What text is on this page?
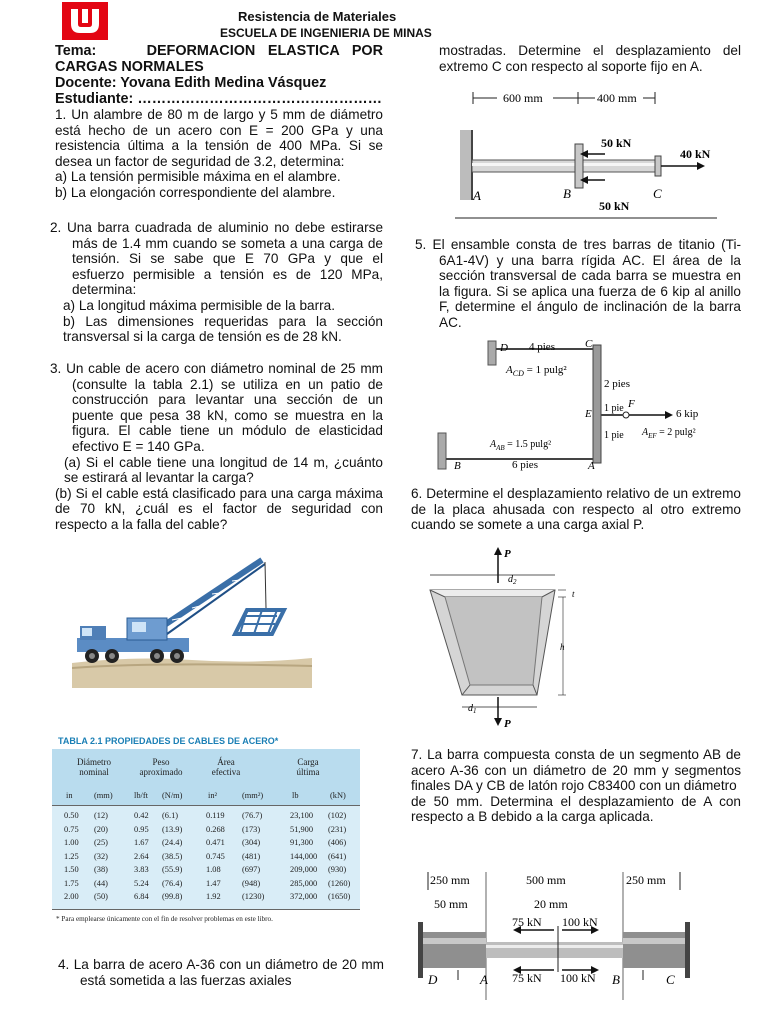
Resistencia de Materiales
ESCUELA DE INGENIERIA DE MINAS

Tema:	DEFORMACION ELASTICA POR CARGAS NORMALES

Docente: Yovana Edith Medina Vásquez

Estudiante: ……………………………………………

1. Un alambre de 80 m de largo y 5 mm de diámetro está hecho de un acero con E = 200 GPa y una resistencia última a la tensión de 400 MPa. Si se desea un factor de seguridad de 3.2, determina:

a) La tensión permisible máxima en el alambre.

b) La elongación correspondiente del alambre.

2. Una barra cuadrada de aluminio no debe estirarse más de 1.4 mm cuando se someta a una carga de tensión. Si se sabe que E 70 GPa y que el esfuerzo permisible a tensión es de 120 MPa, determina:

a) La longitud máxima permisible de la barra.

b) Las dimensiones requeridas para la sección transversal si la carga de tensión es de 28 kN.

3. Un cable de acero con diámetro nominal de 25 mm (consulte la tabla 2.1) se utiliza en un patio de construcción para levantar una sección de un puente que pesa 38 kN, como se muestra en la figura. El cable tiene un módulo de elasticidad efectivo E = 140 GPa.

(a) Si el cable tiene una longitud de 14 m, ¿cuánto se estirará al levantar la carga?

(b) Si el cable está clasificado para una carga máxima de 70 kN, ¿cuál es el factor de seguridad con respecto a la falla del cable?

TABLA 2.1 PROPIEDADES DE CABLES DE ACERO*
Diámetro nominal
Peso aproximado
Área efectiva
Carga última
in	(mm)	lb/ft (N/m)	in²	(mm²)	lb	(kN)
0.50 (12)	0.42 (6.1)	0.119 (76.7)	23,100 (102)
0.75 (20)	0.95 (13.9)	0.268 (173)	51,900 (231)
1.00 (25)	1.67 (24.4)	0.471 (304)	91,300 (406)
1.25 (32)	2.64 (38.5)	0.745 (481)	144,000 (641)
1.50 (38)	3.83 (55.9)	1.08	(697)	209,000 (930)
1.75 (44)	5.24 (76.4)	1.47	(948)	285,000 (1260)
2.00 (50)	6.84 (99.8)	1.92	(1230)	372,000 (1650)
* Para emplearse únicamente con el fin de resolver problemas en este libro.

4. La barra de acero A-36 con un diámetro de 20 mm está sometida a las fuerzas axiales

mostradas. Determine el desplazamiento del extremo C con respecto al soporte fijo en A.

600 mm	400 mm
50 kN
50 kN
40 kN
A	B	C

5. El ensamble consta de tres barras de titanio (Ti-6A1-4V) y una barra rígida AC. El área de la sección transversal de cada barra se muestra en la figura. Si se aplica una fuerza de 6 kip al anillo F, determine el ángulo de inclinación de la barra AC.

D	C
4 pies
$A_{CD} = 1$ pulg²
2 pies
1 pie
1 pie
E
F
6 kip
$A_{EF} = 2$ pulg²
$A_{AB} = 1.5$ pulg²
B	6 pies	A

6. Determine el desplazamiento relativo de un extremo de la placa ahusada con respecto al otro extremo cuando se somete a una carga axial P.

P
$d_2$
t
h
$d_1$
P

7. La barra compuesta consta de un segmento AB de acero A-36 con un diámetro de 20 mm y segmentos finales DA y CB de latón rojo C83400 con un diámetro

de 50 mm. Determina el desplazamiento de A con respecto a B debido a la carga aplicada.

250 mm	500 mm	250 mm
50 mm	20 mm
75 kN 100 kN
75 kN 100 kN
D	A	B	C
